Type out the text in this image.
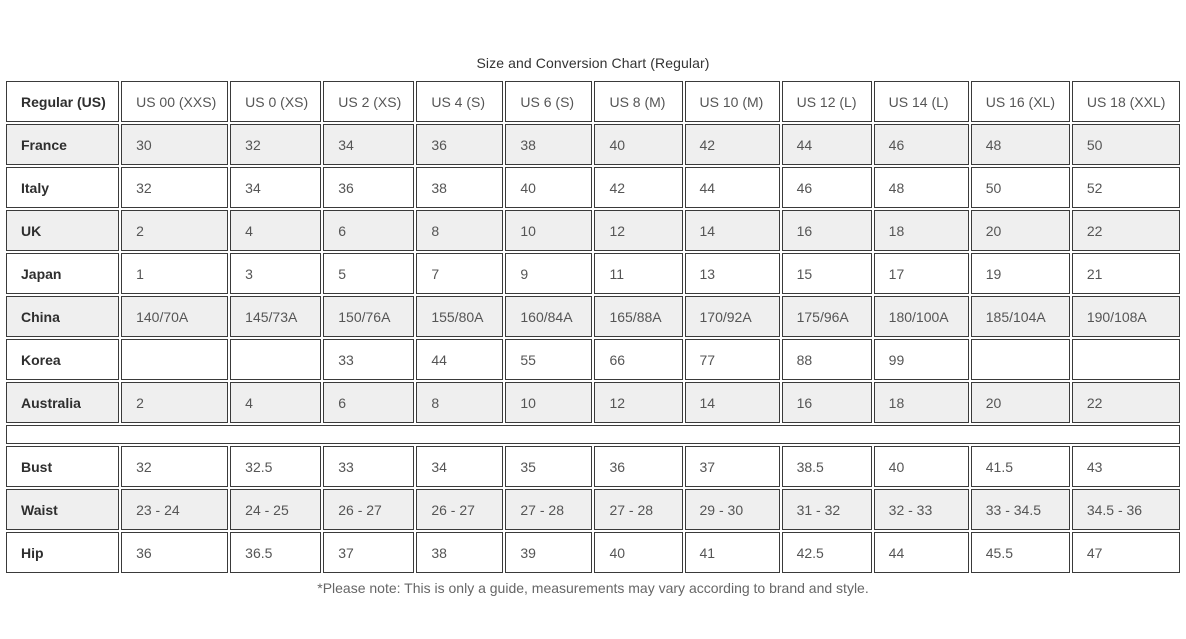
Size and Conversion Chart (Regular)
Regular (US)	US 00 (XXS)	US 0 (XS)	US 2 (XS)	US 4 (S)	US 6 (S)	US 8 (M)	US 10 (M)	US 12 (L)	US 14 (L)	US 16 (XL)	US 18 (XXL)
France	30	32	34	36	38	40	42	44	46	48	50
Italy	32	34	36	38	40	42	44	46	48	50	52
UK	2	4	6	8	10	12	14	16	18	20	22
Japan	1	3	5	7	9	11	13	15	17	19	21
China	140/70A	145/73A	150/76A	155/80A	160/84A	165/88A	170/92A	175/96A	180/100A	185/104A	190/108A
Korea			33	44	55	66	77	88	99		
Australia	2	4	6	8	10	12	14	16	18	20	22

Bust	32	32.5	33	34	35	36	37	38.5	40	41.5	43
Waist	23 - 24	24 - 25	26 - 27	26 - 27	27 - 28	27 - 28	29 - 30	31 - 32	32 - 33	33 - 34.5	34.5 - 36
Hip	36	36.5	37	38	39	40	41	42.5	44	45.5	47
*Please note: This is only a guide, measurements may vary according to brand and style.
